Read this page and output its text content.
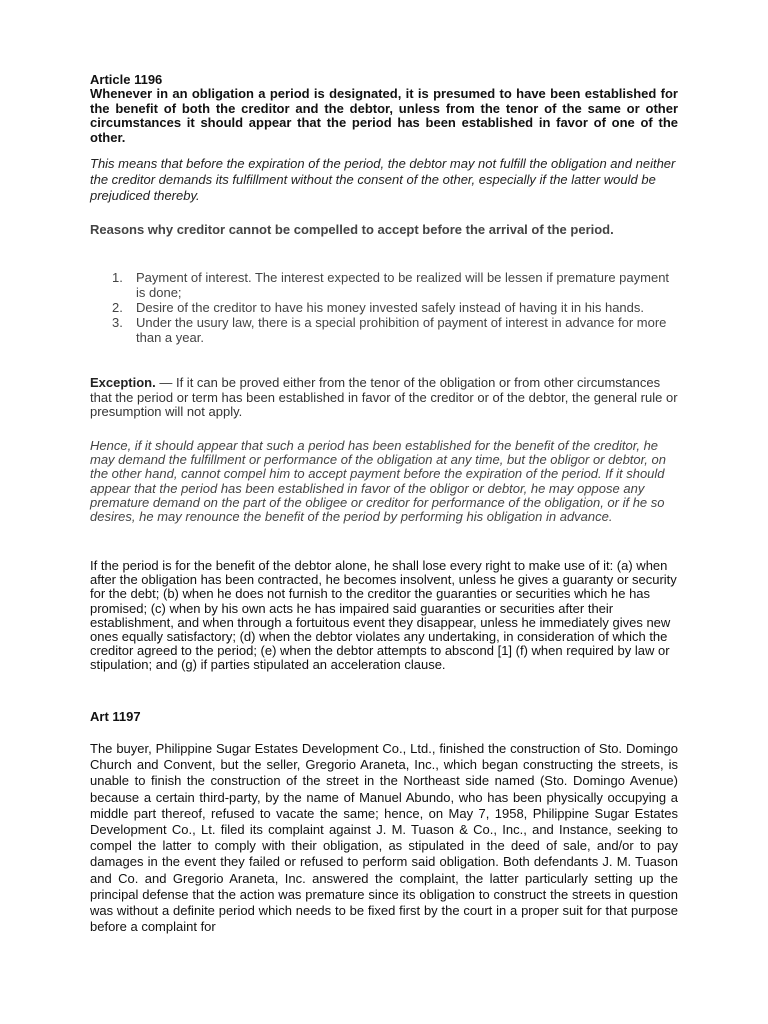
Article 1196
Whenever in an obligation a period is designated, it is presumed to have been established for the benefit of both the creditor and the debtor, unless from the tenor of the same or other circumstances it should appear that the period has been established in favor of one of the other.
This means that before the expiration of the period, the debtor may not fulfill the obligation and neither the creditor demands its fulfillment without the consent of the other, especially if the latter would be prejudiced thereby.
Reasons why creditor cannot be compelled to accept before the arrival of the period.
1. Payment of interest. The interest expected to be realized will be lessen if premature payment is done;
2. Desire of the creditor to have his money invested safely instead of having it in his hands.
3. Under the usury law, there is a special prohibition of payment of interest in advance for more than a year.
Exception. — If it can be proved either from the tenor of the obligation or from other circumstances that the period or term has been established in favor of the creditor or of the debtor, the general rule or presumption will not apply.
Hence, if it should appear that such a period has been established for the benefit of the creditor, he may demand the fulfillment or performance of the obligation at any time, but the obligor or debtor, on the other hand, cannot compel him to accept payment before the expiration of the period. If it should appear that the period has been established in favor of the obligor or debtor, he may oppose any premature demand on the part of the obligee or creditor for performance of the obligation, or if he so desires, he may renounce the benefit of the period by performing his obligation in advance.
If the period is for the benefit of the debtor alone, he shall lose every right to make use of it: (a) when after the obligation has been contracted, he becomes insolvent, unless he gives a guaranty or security for the debt; (b) when he does not furnish to the creditor the guaranties or securities which he has promised; (c) when by his own acts he has impaired said guaranties or securities after their establishment, and when through a fortuitous event they disappear, unless he immediately gives new ones equally satisfactory; (d) when the debtor violates any undertaking, in consideration of which the creditor agreed to the period; (e) when the debtor attempts to abscond [1] (f) when required by law or stipulation; and (g) if parties stipulated an acceleration clause.
Art 1197
The buyer, Philippine Sugar Estates Development Co., Ltd., finished the construction of Sto. Domingo Church and Convent, but the seller, Gregorio Araneta, Inc., which began constructing the streets, is unable to finish the construction of the street in the Northeast side named (Sto. Domingo Avenue) because a certain third-party, by the name of Manuel Abundo, who has been physically occupying a middle part thereof, refused to vacate the same; hence, on May 7, 1958, Philippine Sugar Estates Development Co., Lt. filed its complaint against J. M. Tuason & Co., Inc., and Instance, seeking to compel the latter to comply with their obligation, as stipulated in the deed of sale, and/or to pay damages in the event they failed or refused to perform said obligation. Both defendants J. M. Tuason and Co. and Gregorio Araneta, Inc. answered the complaint, the latter particularly setting up the principal defense that the action was premature since its obligation to construct the streets in question was without a definite period which needs to be fixed first by the court in a proper suit for that purpose before a complaint for
